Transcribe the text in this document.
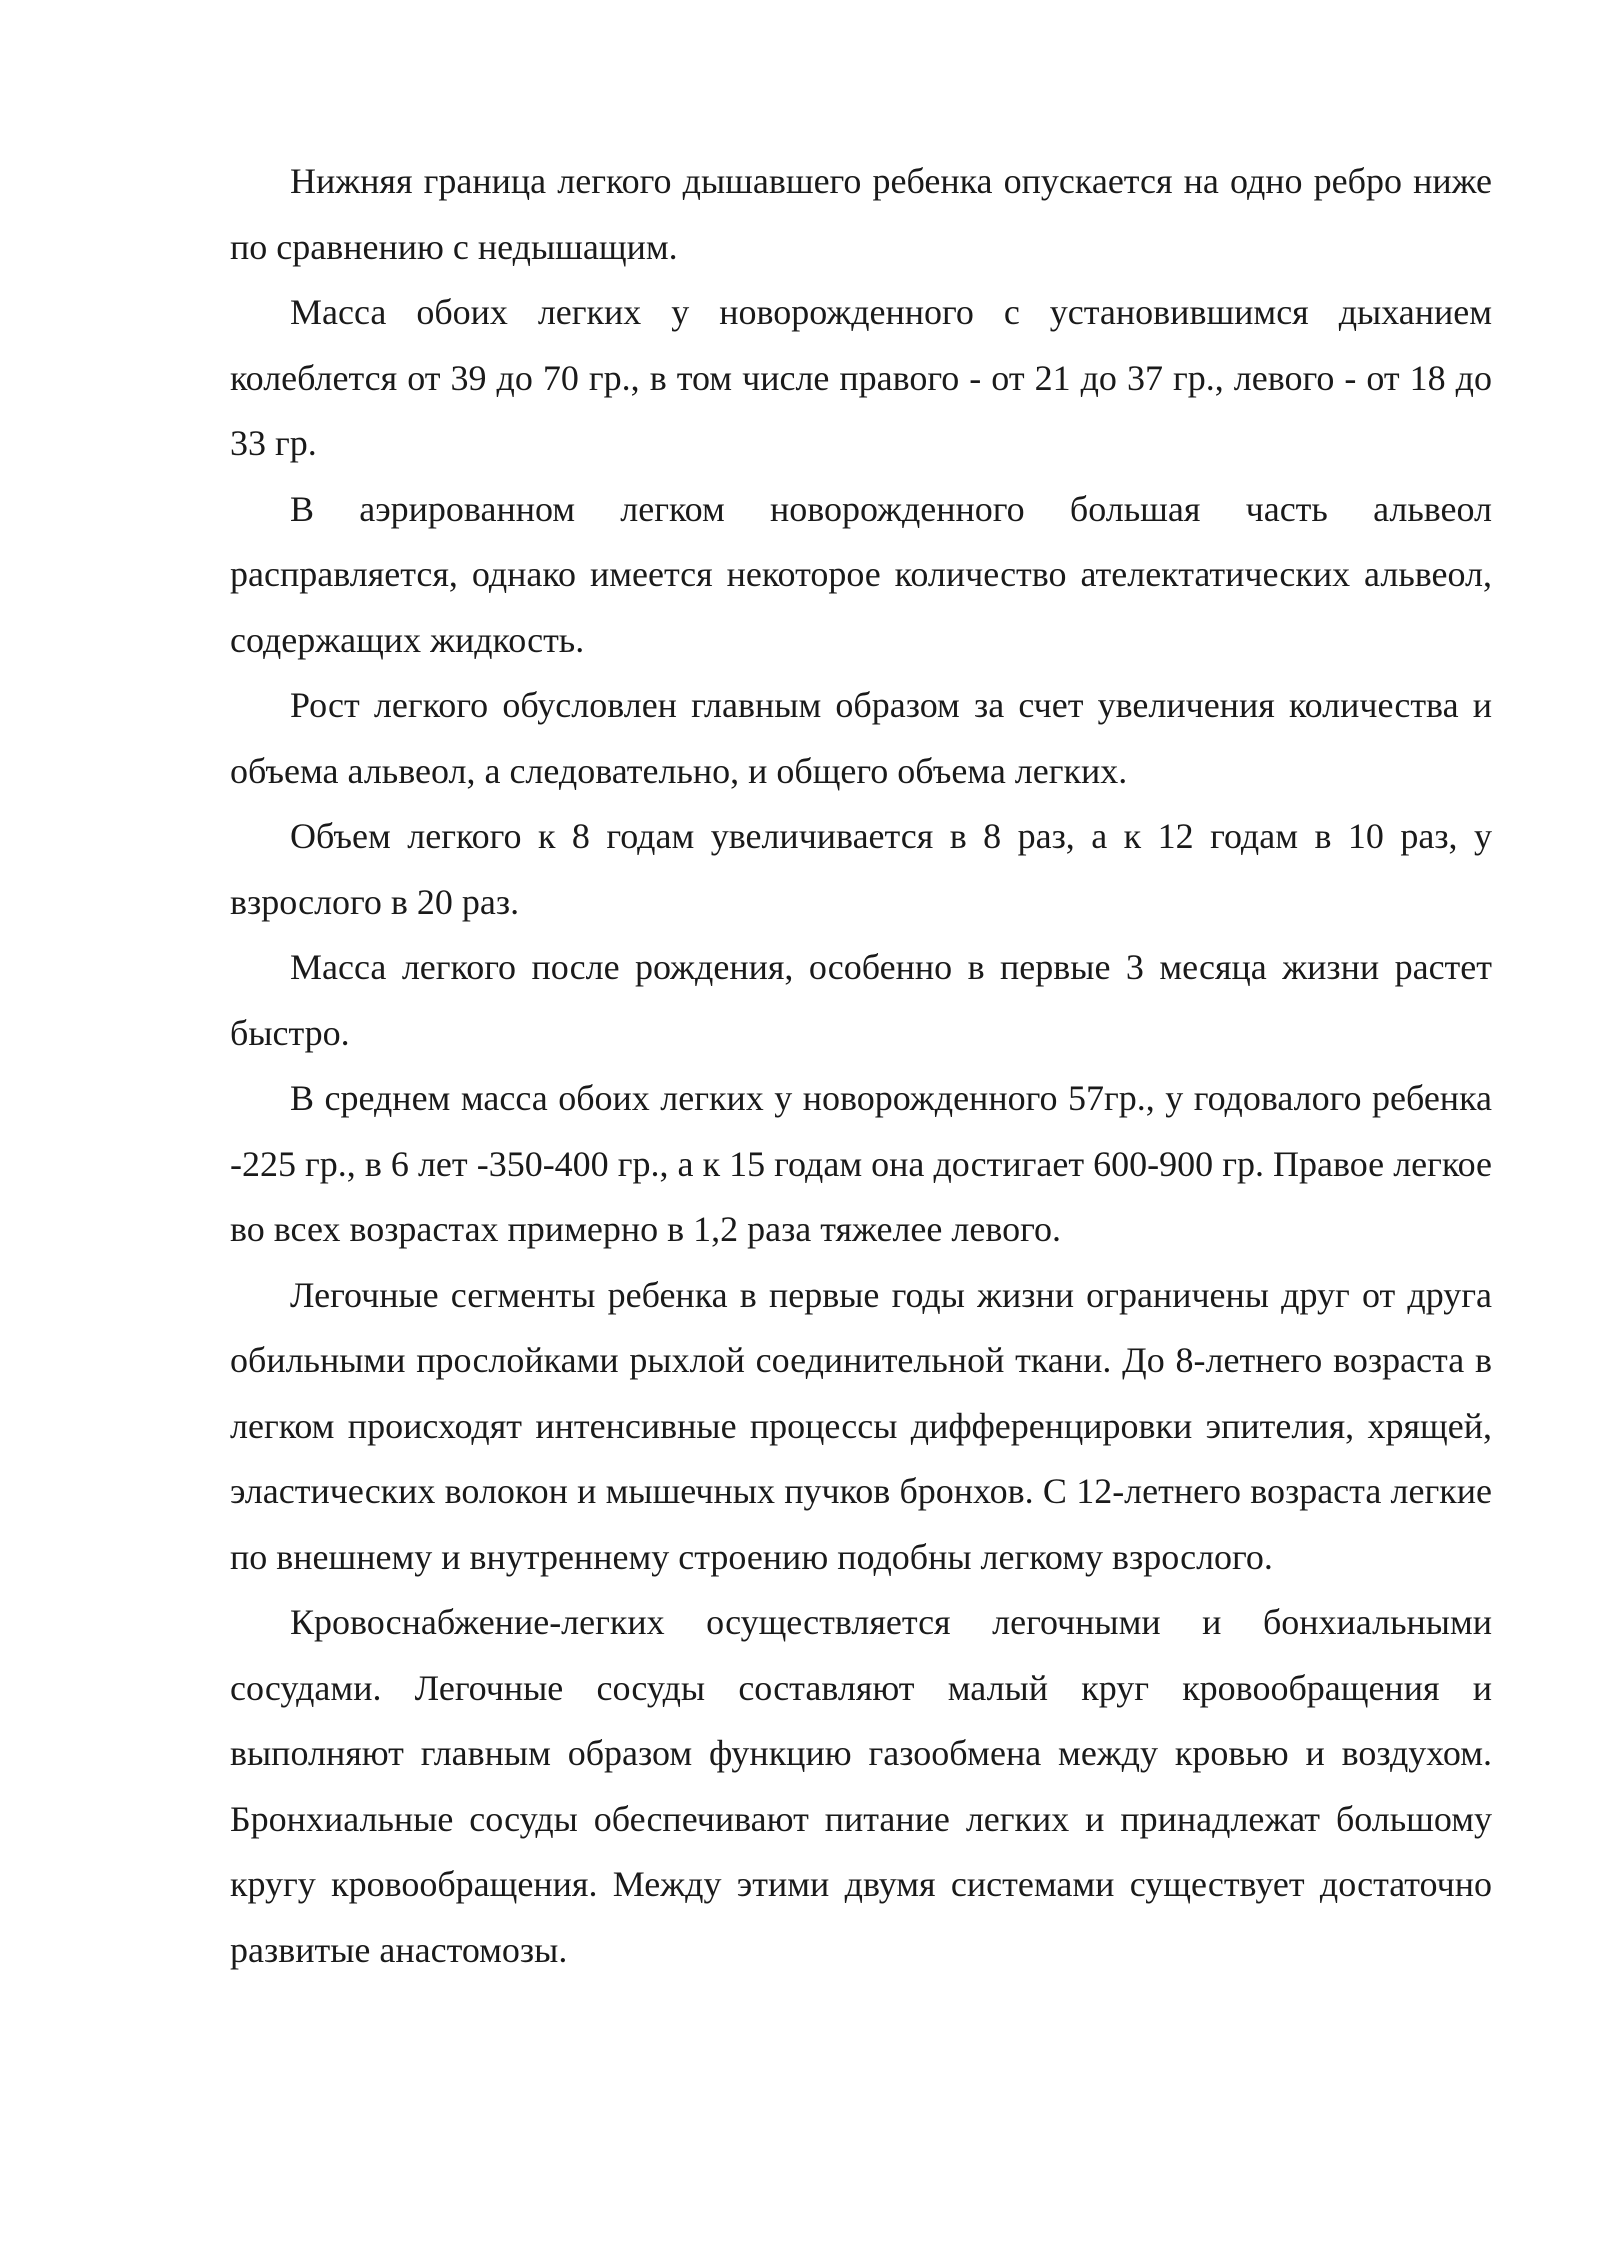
Нижняя граница легкого дышавшего ребенка опускается на одно ребро ниже по сравнению с недышащим.

Масса обоих легких у новорожденного с установившимся дыханием колеблется от 39 до 70 гр., в том числе правого - от 21 до 37 гр., левого - от 18 до 33 гр.

В аэрированном легком новорожденного большая часть альвеол расправляется, однако имеется некоторое количество ателектатических альвеол, содержащих жидкость.

Рост легкого обусловлен главным образом за счет увеличения количества и объема альвеол, а следовательно, и общего объема легких.

Объем легкого к 8 годам увеличивается в 8 раз, а к 12 годам в 10 раз, у взрослого в 20 раз.

Масса легкого после рождения, особенно в первые 3 месяца жизни растет быстро.

В среднем масса обоих легких у новорожденного 57гр., у годовалого ребенка -225 гр., в 6 лет -350-400 гр., а к 15 годам она достигает 600-900 гр. Правое легкое во всех возрастах примерно в 1,2 раза тяжелее левого.

Легочные сегменты ребенка в первые годы жизни ограничены друг от друга обильными прослойками рыхлой соединительной ткани. До 8-летнего возраста в легком происходят интенсивные процессы дифференцировки эпителия, хрящей, эластических волокон и мышечных пучков бронхов. С 12-летнего возраста легкие по внешнему и внутреннему строению подобны легкому взрослого.

Кровоснабжение-легких осуществляется легочными и бонхиальными сосудами. Легочные сосуды составляют малый круг кровообращения и выполняют главным образом функцию газообмена между кровью и воздухом. Бронхиальные сосуды обеспечивают питание легких и принадлежат большому кругу кровообращения. Между этими двумя системами существует достаточно развитые анастомозы.
